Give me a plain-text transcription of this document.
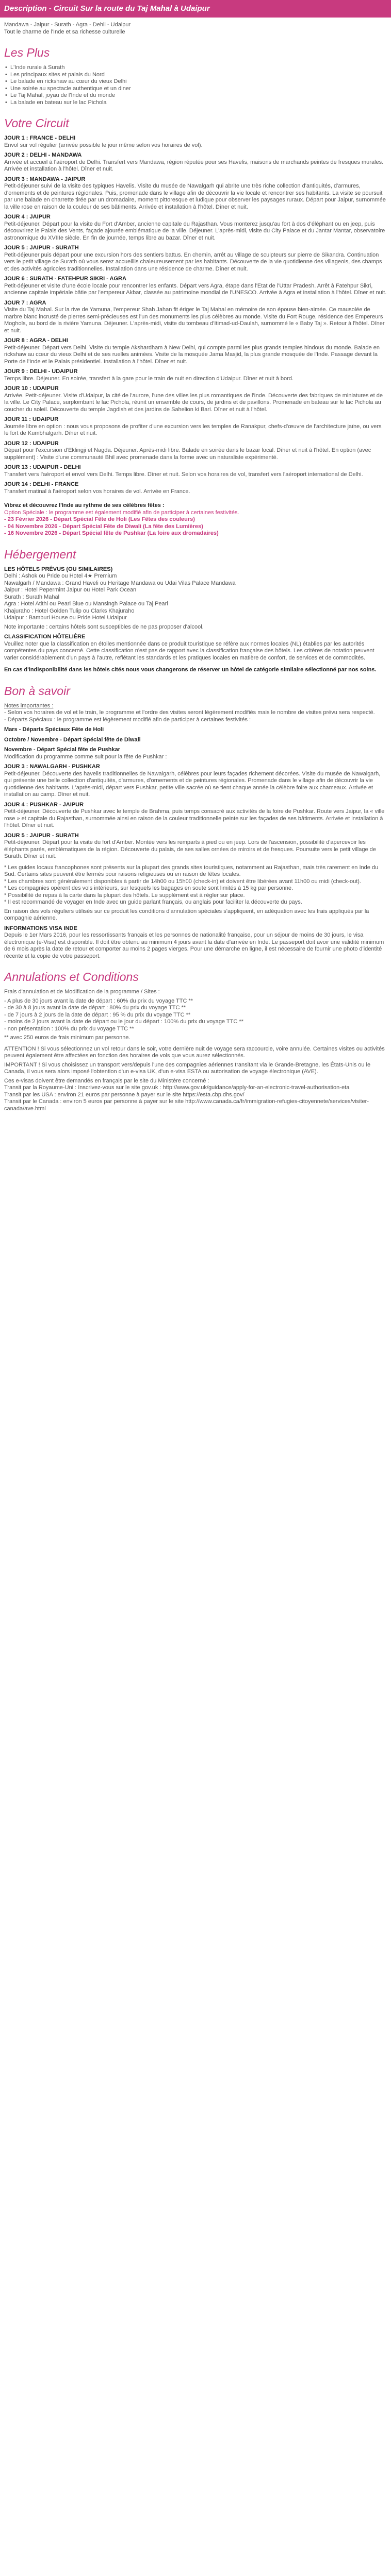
Description - Circuit Sur la route du Taj Mahal à Udaipur
Mandawa - Jaipur - Surath - Agra - Dehli - Udaipur
Tout le charme de l'Inde et sa richesse culturelle
Les Plus
• L'Inde rurale à Surath
• Les principaux sites et palais du Nord
• Le balade en rickshaw au cœur du vieux Delhi
• Une soirée au spectacle authentique et un diner
• Le Taj Mahal, joyau de l'Inde et du monde
• La balade en bateau sur le lac Pichola
Votre Circuit
JOUR 1 : FRANCE - DELHI
Envol sur vol régulier (arrivée possible le jour même selon vos horaires de vol).
JOUR 2 : DELHI - MANDAWA
Arrivée et accueil à l'aéroport de Delhi. Transfert vers Mandawa, région réputée pour ses Havelis, maisons de marchands peintes de fresques murales. Arrivée et installation à l'hôtel. Dîner et nuit.
JOUR 3 : MANDAWA - JAIPUR
Petit-déjeuner suivi de la visite des typiques Havelis. Visite du musée de Nawalgarh qui abrite une très riche collection d'antiquités, d'armures, d'ornements et de peintures régionales. Puis, promenade dans le village afin de découvrir la vie locale et rencontrer ses habitants. La visite se poursuit par une balade en charrette tirée par un dromadaire, moment pittoresque et ludique pour observer les paysages ruraux. Départ pour Jaipur, surnommée la ville rose en raison de la couleur de ses bâtiments. Arrivée et installation à l'hôtel. Dîner et nuit.
JOUR 4 : JAIPUR
Petit-déjeuner. Départ pour la visite du Fort d'Amber, ancienne capitale du Rajasthan. Vous monterez jusqu'au fort à dos d'éléphant ou en jeep, puis découvrirez le Palais des Vents, façade ajourée emblématique de la ville. Déjeuner. L'après-midi, visite du City Palace et du Jantar Mantar, observatoire astronomique du XVIIIe siècle. En fin de journée, temps libre au bazar. Dîner et nuit.
JOUR 5 : JAIPUR - SURATH
Petit-déjeuner puis départ pour une excursion hors des sentiers battus. En chemin, arrêt au village de sculpteurs sur pierre de Sikandra. Continuation vers le petit village de Surath où vous serez accueillis chaleureusement par les habitants. Découverte de la vie quotidienne des villageois, des champs et des activités agricoles traditionnelles. Installation dans une résidence de charme. Dîner et nuit.
JOUR 6 : SURATH - FATEHPUR SIKRI - AGRA
Petit-déjeuner et visite d'une école locale pour rencontrer les enfants. Départ vers Agra, étape dans l'Etat de l'Uttar Pradesh. Arrêt à Fatehpur Sikri, ancienne capitale impériale bâtie par l'empereur Akbar, classée au patrimoine mondial de l'UNESCO. Arrivée à Agra et installation à l'hôtel. Dîner et nuit.
JOUR 7 : AGRA
Visite du Taj Mahal. Sur la rive de Yamuna, l'empereur Shah Jahan fit ériger le Taj Mahal en mémoire de son épouse bien-aimée. Ce mausolée de marbre blanc incrusté de pierres semi-précieuses est l'un des monuments les plus célèbres au monde. Visite du Fort Rouge, résidence des Empereurs Moghols, au bord de la rivière Yamuna. Déjeuner. L'après-midi, visite du tombeau d'Itimad-ud-Daulah, surnommé le « Baby Taj ». Retour à l'hôtel. Dîner et nuit.
JOUR 8 : AGRA - DELHI
Petit-déjeuner. Départ vers Delhi. Visite du temple Akshardham à New Delhi, qui compte parmi les plus grands temples hindous du monde. Balade en rickshaw au cœur du vieux Delhi et de ses ruelles animées. Visite de la mosquée Jama Masjid, la plus grande mosquée de l'Inde. Passage devant la Porte de l'Inde et le Palais présidentiel. Installation à l'hôtel. Dîner et nuit.
JOUR 9 : DELHI - UDAIPUR
Temps libre. Déjeuner. En soirée, transfert à la gare pour le train de nuit en direction d'Udaipur. Dîner et nuit à bord.
JOUR 10 : UDAIPUR
Arrivée. Petit-déjeuner. Visite d'Udaipur, la cité de l'aurore, l'une des villes les plus romantiques de l'Inde. Découverte des fabriques de miniatures et de la ville. Le City Palace, surplombant le lac Pichola, réunit un ensemble de cours, de jardins et de pavillons. Promenade en bateau sur le lac Pichola au coucher du soleil. Découverte du temple Jagdish et des jardins de Sahelion ki Bari. Dîner et nuit à l'hôtel.
JOUR 11 : UDAIPUR
Journée libre en option : nous vous proposons de profiter d'une excursion vers les temples de Ranakpur, chefs-d'œuvre de l'architecture jaïne, ou vers le fort de Kumbhalgarh. Dîner et nuit.
JOUR 12 : UDAIPUR
Départ pour l'excursion d'Eklingji et Nagda. Déjeuner. Après-midi libre. Balade en soirée dans le bazar local. Dîner et nuit à l'hôtel. En option (avec supplément) : Visite d'une communauté Bhil avec promenade dans la forme avec un naturaliste expérimenté.
JOUR 13 : UDAIPUR - DELHI
Transfert vers l'aéroport et envol vers Delhi. Temps libre. Dîner et nuit. Selon vos horaires de vol, transfert vers l'aéroport international de Delhi.
JOUR 14 : DELHI - FRANCE
Transfert matinal à l'aéroport selon vos horaires de vol. Arrivée en France.
Vibrez et découvrez l'Inde au rythme de ses célèbres fêtes :
Option Spéciale : le programme est également modifié afin de participer à certaines festivités.
- 23 Février 2026 - Départ Spécial Fête de Holi (Les Fêtes des couleurs)
- 04 Novembre 2026 - Départ Spécial Fête de Diwali (La fête des Lumières)
- 16 Novembre 2026 - Départ Spécial fête de Pushkar (La foire aux dromadaires)
Hébergement
LES HÔTELS PRÉVUS (OU SIMILAIRES)
Delhi : Ashok ou Pride ou Hotel 4★ Premium
Nawalgarh / Mandawa : Grand Haveli ou Heritage Mandawa ou Udai Vilas Palace Mandawa
Jaipur : Hotel Pepermint Jaipur ou Hotel Park Ocean
Surath : Surath Mahal
Agra : Hotel Atithi ou Pearl Blue ou Mansingh Palace ou Taj Pearl
Khajuraho : Hotel Golden Tulip ou Clarks Khajuraho
Udaipur : Bamburi House ou Pride Hotel Udaipur
Note importante : certains hôtels sont susceptibles de ne pas proposer d'alcool.
CLASSIFICATION HÔTELIÈRE
Veuillez noter que la classification en étoiles mentionnée dans ce produit touristique se réfère aux normes locales (NL) établies par les autorités compétentes du pays concerné. Cette classification n'est pas de rapport avec la classification française des hôtels. Les critères de notation peuvent varier considérablement d'un pays à l'autre, reflétant les standards et les pratiques locales en matière de confort, de services et de commodités.
En cas d'indisponibilité dans les hôtels cités nous vous changerons de réserver un hôtel de catégorie similaire sélectionné par nos soins.
Bon à savoir
Notes importantes :
- Selon vos horaires de vol et le train, le programme et l'ordre des visites seront légèrement modifiés mais le nombre de visites prévu sera respecté.
- Départs Spéciaux : le programme est légèrement modifié afin de participer à certaines festivités :
Mars - Départs Spéciaux Fête de Holi
Octobre / Novembre - Départ Spécial fête de Diwali
Novembre - Départ Spécial fête de Pushkar
Modification du programme comme suit pour la fête de Pushkar :
JOUR 3 : NAWALGARH - PUSHKAR
Petit-déjeuner. Découverte des havelis traditionnelles de Nawalgarh, célèbres pour leurs façades richement décorées. Visite du musée de Nawalgarh, qui présente une belle collection d'antiquités, d'armures, d'ornements et de peintures régionales. Promenade dans le village afin de découvrir la vie quotidienne des habitants. L'après-midi, départ vers Pushkar, petite ville sacrée où se tient chaque année la célèbre foire aux chameaux. Arrivée et installation au camp. Dîner et nuit.
JOUR 4 : PUSHKAR - JAIPUR
Petit-déjeuner. Découverte de Pushkar avec le temple de Brahma, puis temps consacré aux activités de la foire de Pushkar. Route vers Jaipur, la « ville rose » et capitale du Rajasthan, surnommée ainsi en raison de la couleur traditionnelle peinte sur les façades de ses bâtiments. Arrivée et installation à l'hôtel. Dîner et nuit.
JOUR 5 : JAIPUR - SURATH
Petit-déjeuner. Départ pour la visite du fort d'Amber. Montée vers les remparts à pied ou en jeep. Lors de l'ascension, possibilité d'apercevoir les éléphants parés, emblématiques de la région. Découverte du palais, de ses salles ornées de miroirs et de fresques. Poursuite vers le petit village de Surath. Dîner et nuit.
* Les guides locaux francophones sont présents sur la plupart des grands sites touristiques, notamment au Rajasthan, mais très rarement en Inde du Sud. Certains sites peuvent être fermés pour raisons religieuses ou en raison de fêtes locales.
* Les chambres sont généralement disponibles à partir de 14h00 ou 15h00 (check-in) et doivent être libérées avant 11h00 ou midi (check-out).
* Les compagnies opèrent des vols intérieurs, sur lesquels les bagages en soute sont limités à 15 kg par personne.
* Possibilité de repas à la carte dans la plupart des hôtels. Le supplément est à régler sur place.
* Il est recommandé de voyager en Inde avec un guide parlant français, ou anglais pour faciliter la découverte du pays.
En raison des vols réguliers utilisés sur ce produit les conditions d'annulation spéciales s'appliquent, en adéquation avec les frais appliqués par la compagnie aérienne.
INFORMATIONS VISA INDE
Depuis le 1er Mars 2016, pour les ressortissants français et les personnes de nationalité française, pour un séjour de moins de 30 jours, le visa électronique (e-Visa) est disponible. Il doit être obtenu au minimum 4 jours avant la date d'arrivée en Inde. Le passeport doit avoir une validité minimum de 6 mois après la date de retour et comporter au moins 2 pages vierges. Pour une démarche en ligne, il est nécessaire de fournir une photo d'identité récente et la copie de votre passeport.
Annulations et Conditions
Frais d'annulation et de Modification de la programme / Sites :
- A plus de 30 jours avant la date de départ : 60% du prix du voyage TTC **
- de 30 à 8 jours avant la date de départ : 80% du prix du voyage TTC **
- de 7 jours à 2 jours de la date de départ : 95 % du prix du voyage TTC **
- moins de 2 jours avant la date de départ ou le jour du départ : 100% du prix du voyage TTC **
- non présentation : 100% du prix du voyage TTC **
** avec 250 euros de frais minimum par personne.
ATTENTION ! Si vous sélectionnez un vol retour dans le soir, votre dernière nuit de voyage sera raccourcie, voire annulée. Certaines visites ou activités peuvent également être affectées en fonction des horaires de vols que vous aurez sélectionnés.
IMPORTANT ! Si vous choisissez un transport vers/depuis l'une des compagnies aériennes transitant via le Grande-Bretagne, les États-Unis ou le Canada, il vous sera alors imposé l'obtention d'un e-visa UK, d'un e-visa ESTA ou autorisation de voyage électronique (AVE).
Ces e-visas doivent être demandés en français par le site du Ministère concerné :
Transit par la Royaume-Uni : Inscrivez-vous sur le site gov.uk : http://www.gov.uk/guidance/apply-for-an-electronic-travel-authorisation-eta
Transit par les USA : environ 21 euros par personne à payer sur le site https://esta.cbp.dhs.gov/
Transit par le Canada : environ 5 euros par personne à payer sur le site http://www.canada.ca/fr/immigration-refugies-citoyennete/services/visiter-canada/ave.html
